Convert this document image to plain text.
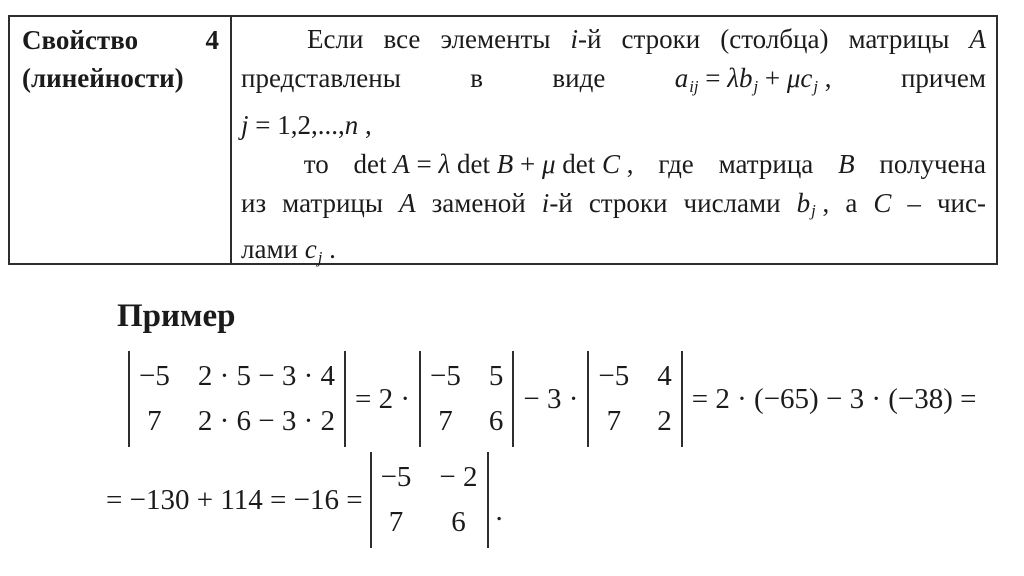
Свойство 4
(линейности)
Если все элементы i-й строки (столбца) матрицы A
представлены	в	виде	aij = λbj + μcj ,	причем
j = 1,2,...,n ,
то det A = λ det B + μ det C , где матрица B получена
из матрицы A заменой i-й строки числами bj , а C – чис-
лами cj .
Пример
−5 2 · 5 − 3 · 4
7 2 · 6 − 3 · 2
= 2 ·
−5 5
7 6
− 3 ·
−5 4
7 2
= 2 · (−65) − 3 · (−38) =
= −130 + 114 = −16 =
−5 − 2
7 6 .
